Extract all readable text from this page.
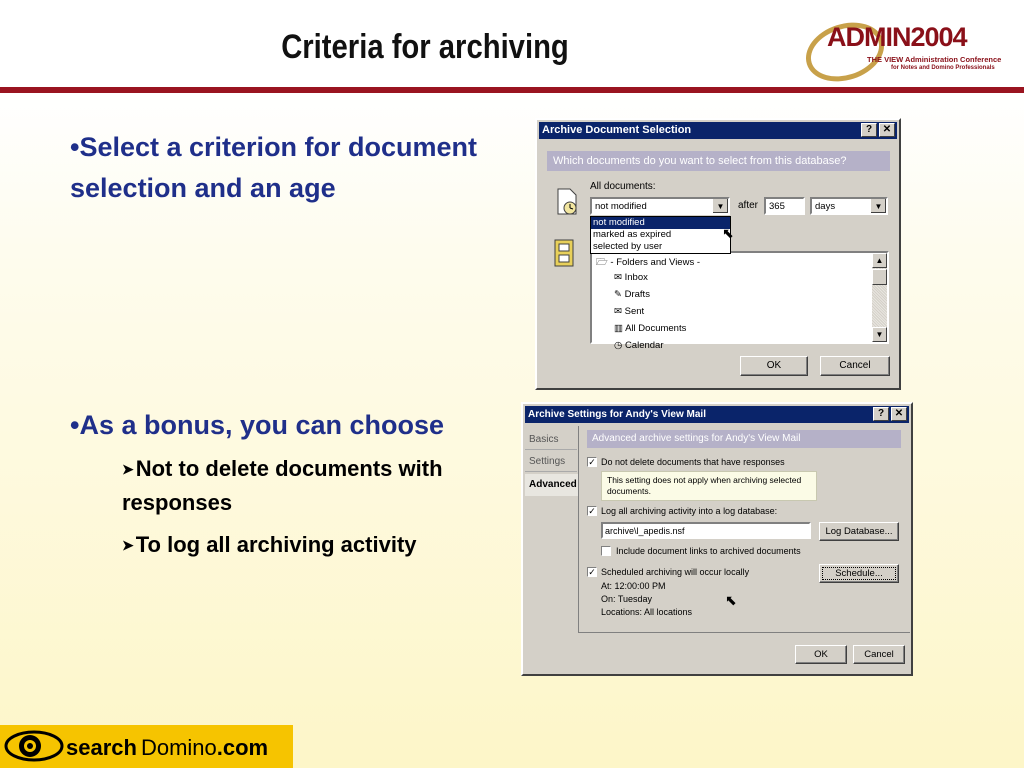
Criteria for archiving	ADMIN2004
THE VIEW Administration Conference
for Notes and Domino Professionals
•Select a criterion for document selection and an age
•As a bonus, you can choose
➤Not to delete documents with responses
➤To log all archiving activity
Archive Document Selection	?	✕
Which documents do you want to select from this database?
All documents:
not modified	▼	after 365	days	▼
🗁 - Folders and Views -
✉ Inbox
✎ Drafts
✉ Sent
▥ All Documents
◷ Calendar
▲
▼
not modified
marked as expired
selected by user
⬉
OK	Cancel
Archive Settings for Andy's View Mail	?	✕
Basics
Settings
Advanced
Advanced archive settings for Andy's View Mail
✓ Do not delete documents that have responses
This setting does not apply when archiving selected documents.
✓ Log all archiving activity into a log database:
archive\l_apedis.nsf	Log Database...
Include document links to archived documents
✓ Scheduled archiving will occur locally	Schedule...
At: 12:00:00 PM
On: Tuesday
Locations: All locations
⬉
OK	Cancel
search Domino.com
